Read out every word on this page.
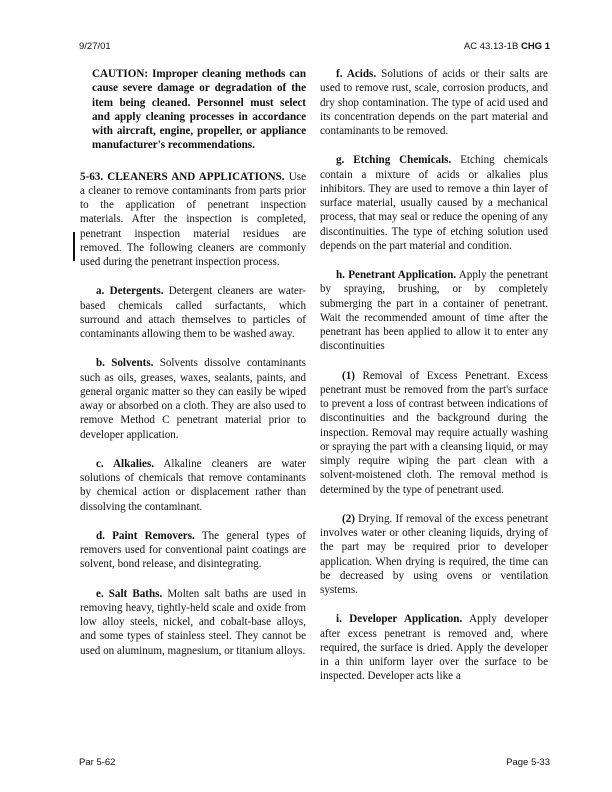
9/27/01	AC 43.13-1B CHG 1
CAUTION: Improper cleaning methods can cause severe damage or degradation of the item being cleaned. Personnel must select and apply cleaning processes in accordance with aircraft, engine, propeller, or appliance manufacturer's recommendations.

5-63. CLEANERS AND APPLICATIONS. Use a cleaner to remove contaminants from parts prior to the application of penetrant inspection materials. After the inspection is completed, penetrant inspection material residues are removed. The following cleaners are commonly used during the penetrant inspection process.

a. Detergents. Detergent cleaners are water-based chemicals called surfactants, which surround and attach themselves to particles of contaminants allowing them to be washed away.

b. Solvents. Solvents dissolve contaminants such as oils, greases, waxes, sealants, paints, and general organic matter so they can easily be wiped away or absorbed on a cloth. They are also used to remove Method C penetrant material prior to developer application.

c. Alkalies. Alkaline cleaners are water solutions of chemicals that remove contaminants by chemical action or displacement rather than dissolving the contaminant.

d. Paint Removers. The general types of removers used for conventional paint coatings are solvent, bond release, and disintegrating.

e. Salt Baths. Molten salt baths are used in removing heavy, tightly-held scale and oxide from low alloy steels, nickel, and cobalt-base alloys, and some types of stainless steel. They cannot be used on aluminum, magnesium, or titanium alloys.

f. Acids. Solutions of acids or their salts are used to remove rust, scale, corrosion products, and dry shop contamination. The type of acid used and its concentration depends on the part material and contaminants to be removed.

g. Etching Chemicals. Etching chemicals contain a mixture of acids or alkalies plus inhibitors. They are used to remove a thin layer of surface material, usually caused by a mechanical process, that may seal or reduce the opening of any discontinuities. The type of etching solution used depends on the part material and condition.

h. Penetrant Application. Apply the penetrant by spraying, brushing, or by completely submerging the part in a container of penetrant. Wait the recommended amount of time after the penetrant has been applied to allow it to enter any discontinuities

(1) Removal of Excess Penetrant. Excess penetrant must be removed from the part's surface to prevent a loss of contrast between indications of discontinuities and the background during the inspection. Removal may require actually washing or spraying the part with a cleansing liquid, or may simply require wiping the part clean with a solvent-moistened cloth. The removal method is determined by the type of penetrant used.

(2) Drying. If removal of the excess penetrant involves water or other cleaning liquids, drying of the part may be required prior to developer application. When drying is required, the time can be decreased by using ovens or ventilation systems.

i. Developer Application. Apply developer after excess penetrant is removed and, where required, the surface is dried. Apply the developer in a thin uniform layer over the surface to be inspected. Developer acts like a

Par 5-62	Page 5-33
